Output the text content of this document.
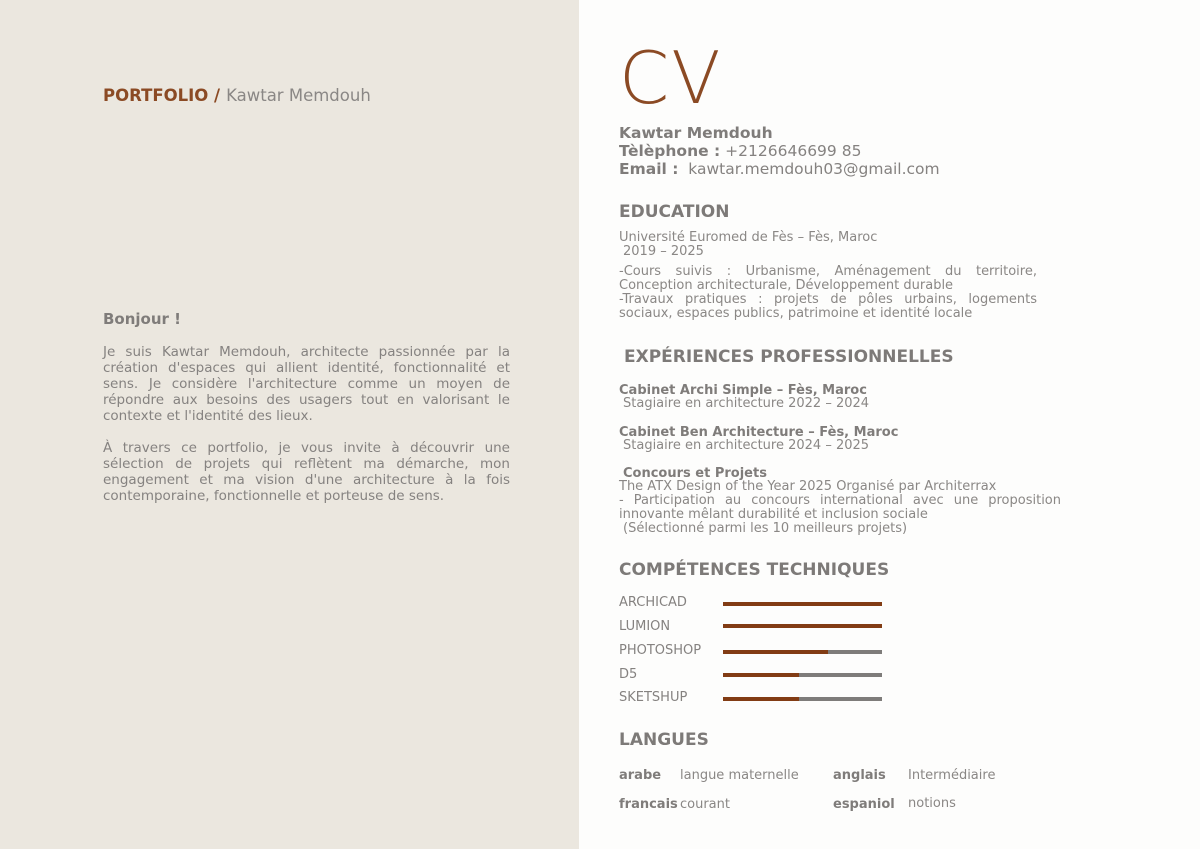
PORTFOLIO / Kawtar Memdouh
Bonjour !
Je suis Kawtar Memdouh, architecte passionnée par la
création d'espaces qui allient identité, fonctionnalité et
sens. Je considère l'architecture comme un moyen de
répondre aux besoins des usagers tout en valorisant le
contexte et l'identité des lieux.
À travers ce portfolio, je vous invite à découvrir une
sélection de projets qui reflètent ma démarche, mon
engagement et ma vision d'une architecture à la fois
contemporaine, fonctionnelle et porteuse de sens.
CV
Kawtar Memdouh
Tèlèphone : +2126646699 85
Email : kawtar.memdouh03@gmail.com
EDUCATION
Université Euromed de Fès – Fès, Maroc
2019 – 2025
-Cours suivis : Urbanisme, Aménagement du territoire,
Conception architecturale, Développement durable
-Travaux pratiques : projets de pôles urbains, logements
sociaux, espaces publics, patrimoine et identité locale
EXPÉRIENCES PROFESSIONNELLES
Cabinet Archi Simple – Fès, Maroc
Stagiaire en architecture 2022 – 2024
Cabinet Ben Architecture – Fès, Maroc
Stagiaire en architecture 2024 – 2025
Concours et Projets
The ATX Design of the Year 2025 Organisé par Architerrax
- Participation au concours international avec une proposition
innovante mêlant durabilité et inclusion sociale
(Sélectionné parmi les 10 meilleurs projets)
COMPÉTENCES TECHNIQUES
ARCHICAD
LUMION
PHOTOSHOP
D5
SKETSHUP
LANGUES
arabe langue maternelle	anglais Intermédiaire
francais courant	espaniol notions
